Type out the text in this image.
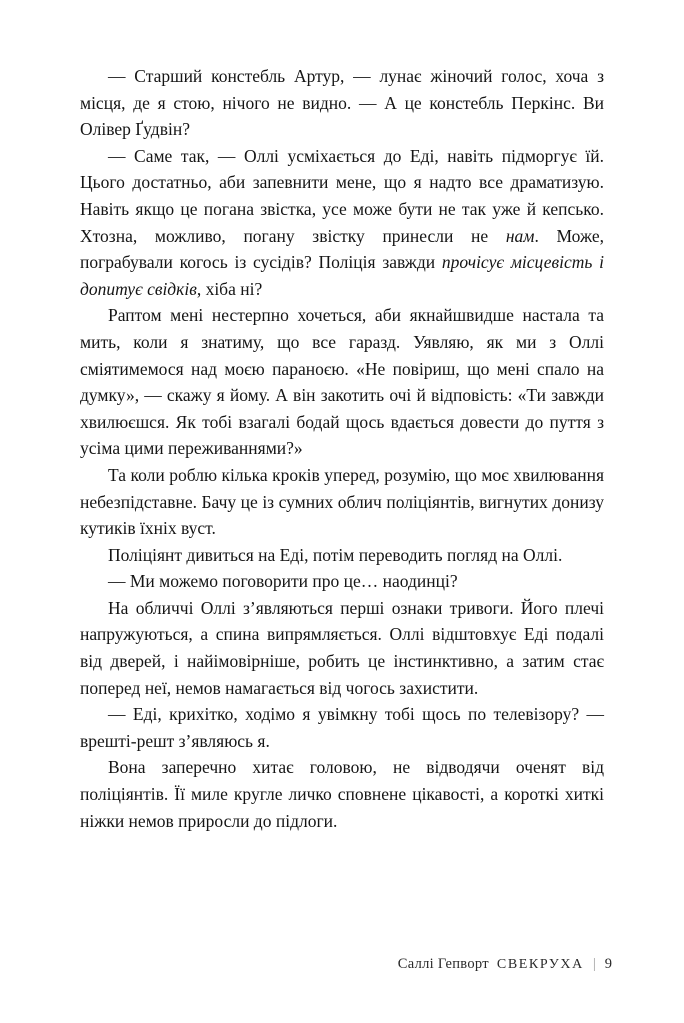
— Старший констебль Артур, — лунає жіночий голос, хоча з місця, де я стою, нічого не видно. — А це констебль Перкінс. Ви Олівер Ґудвін?

— Саме так, — Оллі усміхається до Еді, навіть підморгує їй. Цього достатньо, аби запевнити мене, що я надто все драматизую. Навіть якщо це погана звістка, усе може бути не так уже й кепсько. Хтозна, можливо, погану звістку принесли не нам. Може, пограбували когось із сусідів? Поліція завжди прочісує місцевість і допитує свідків, хіба ні?

Раптом мені нестерпно хочеться, аби якнайшвидше настала та мить, коли я знатиму, що все гаразд. Уявляю, як ми з Оллі сміятимемося над моєю параноєю. «Не повіриш, що мені спало на думку», — скажу я йому. А він закотить очі й відповість: «Ти завжди хвилюєшся. Як тобі взагалі бодай щось вдається довести до пуття з усіма цими переживаннями?»

Та коли роблю кілька кроків уперед, розумію, що моє хвилювання небезпідставне. Бачу це із сумних облич поліціянтів, вигнутих донизу кутиків їхніх вуст.

Поліціянт дивиться на Еді, потім переводить погляд на Оллі.

— Ми можемо поговорити про це… наодинці?

На обличчі Оллі з’являються перші ознаки тривоги. Його плечі напружуються, а спина випрямляється. Оллі відштовхує Еді подалі від дверей, і найімовірніше, робить це інстинктивно, а затим стає поперед неї, немов намагається від чогось захистити.

— Еді, крихітко, ходімо я увімкну тобі щось по телевізору? — врешті-решт з’являюсь я.

Вона заперечно хитає головою, не відводячи оченят від поліціянтів. Її миле кругле личко сповнене цікавості, а короткі хиткі ніжки немов приросли до підлоги.

Саллі Гепворт СВЕКРУХА | 9
